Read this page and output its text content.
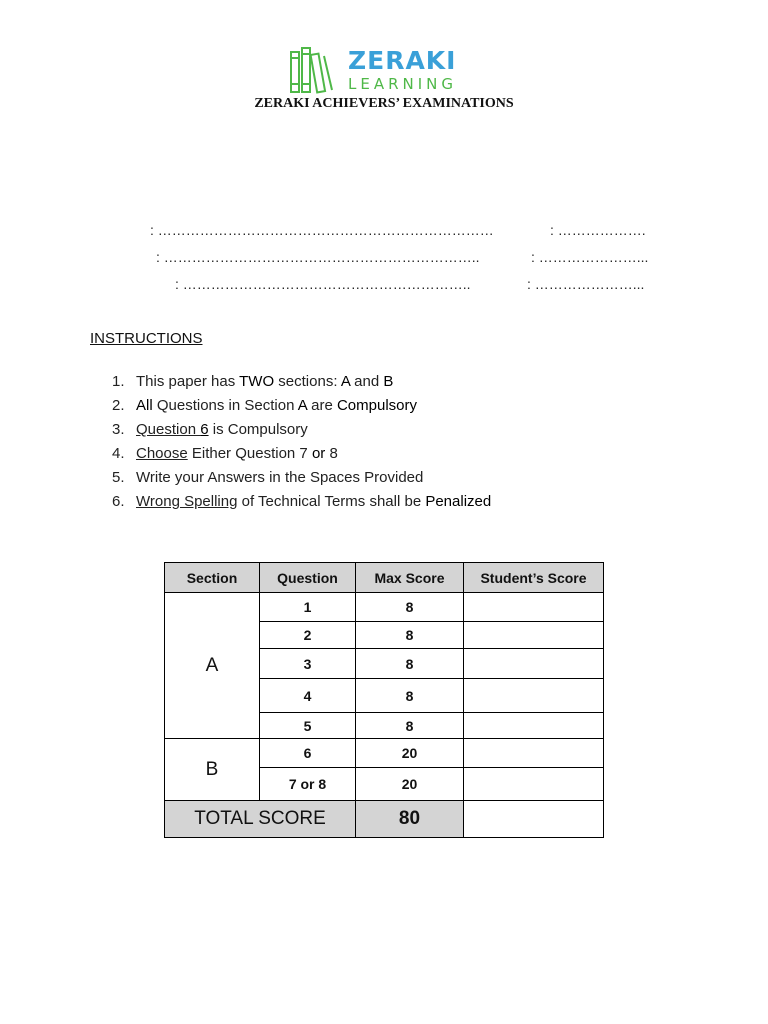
ZERAKI
LEARNING
ZERAKI ACHIEVERS’ EXAMINATIONS
: ………………………………………………………………	: ……………….
: …………………………………………………………..	: …………………...
: ……………………………………………………..	: …………………...
INSTRUCTIONS
1. This paper has TWO sections: A and B
2. All Questions in Section A are Compulsory
3. Question 6 is Compulsory
4. Choose Either Question 7 or 8
5. Write your Answers in the Spaces Provided
6. Wrong Spelling of Technical Terms shall be Penalized
Section	Question	Max Score	Student’s Score
A	1	8	
	2	8	
	3	8	
	4	8	
	5	8	
B	6	20	
	7 or 8	20	
TOTAL SCORE		80	
